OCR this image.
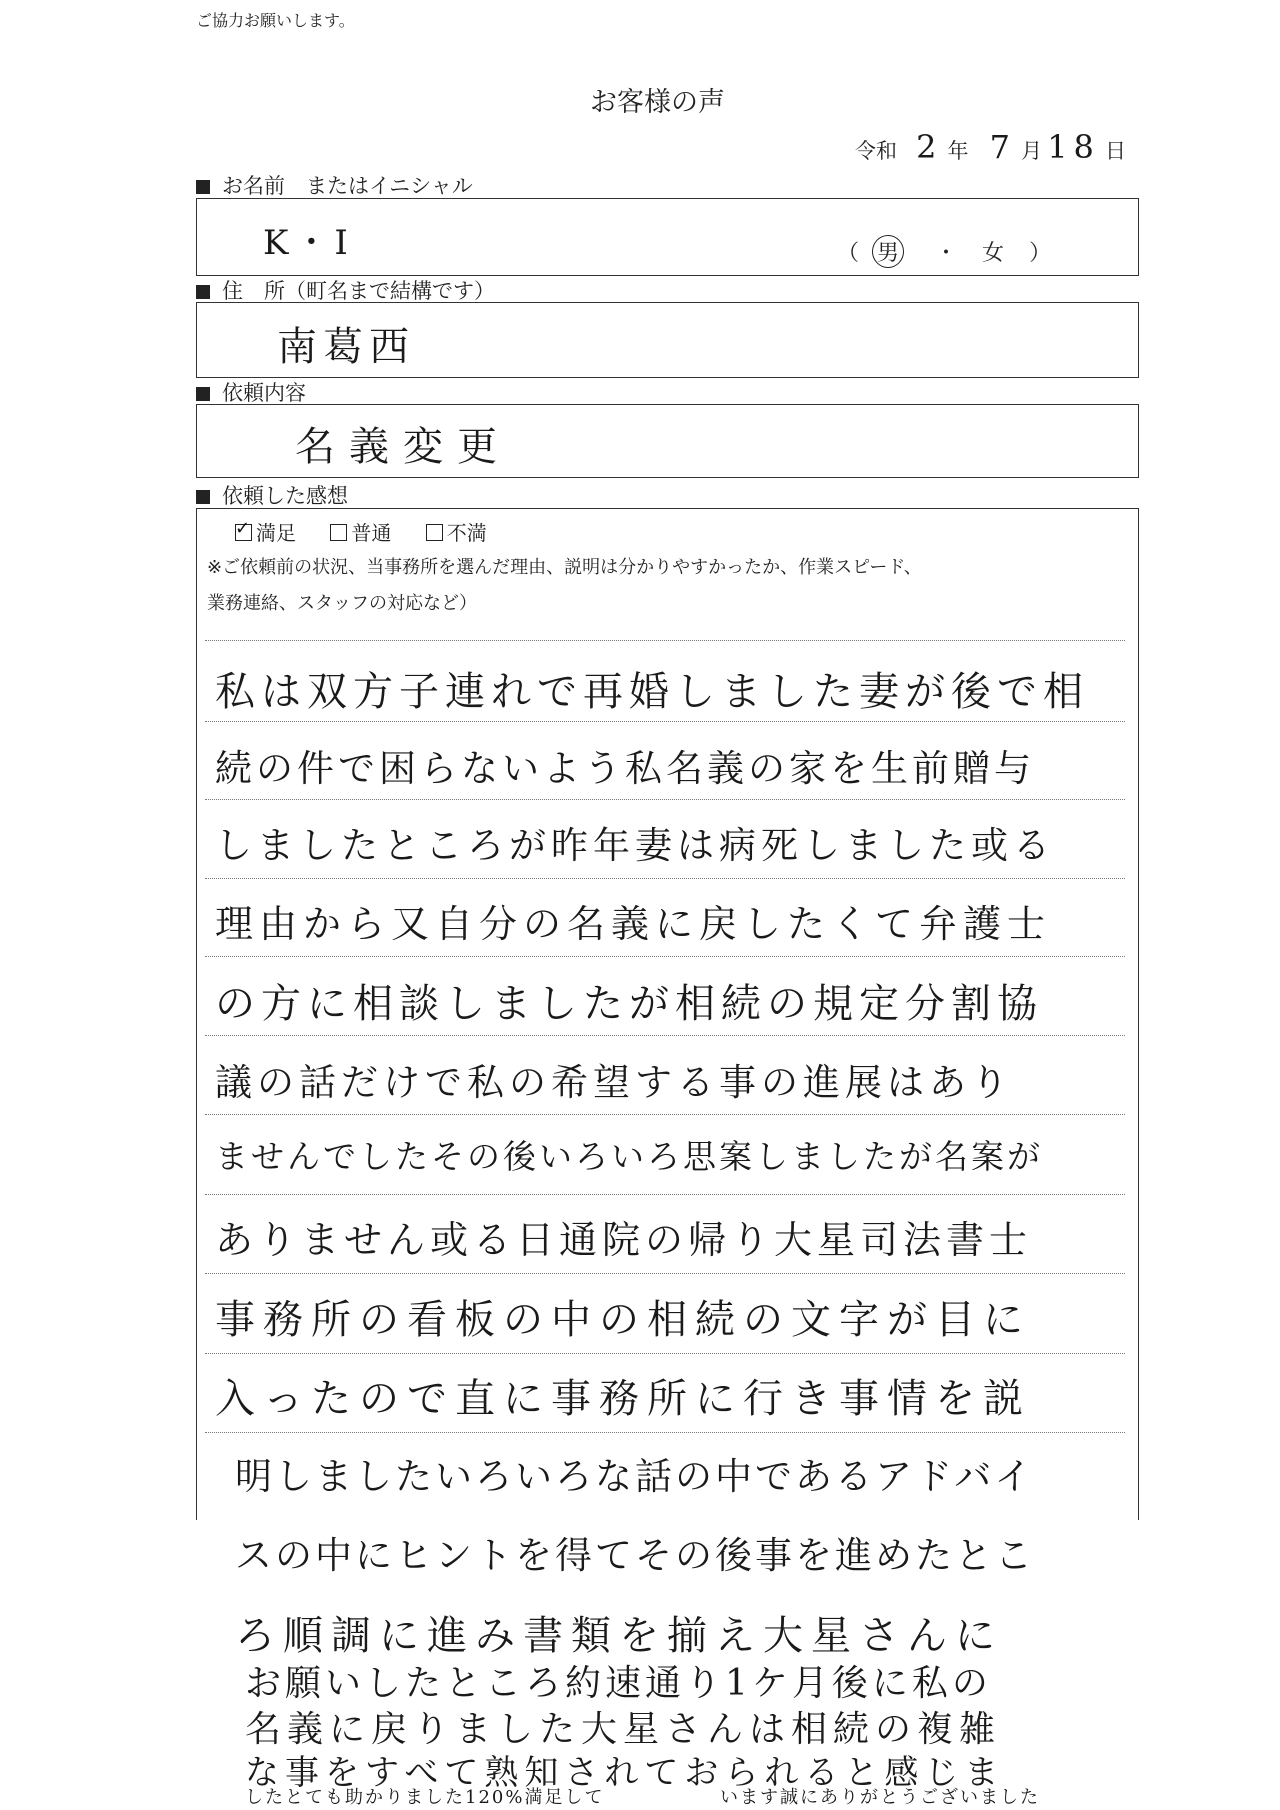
ご協力お願いします。
お客様の声
令和 2 年 7 月 18 日
お名前　またはイニシャル
K・I	（ 男 ・ 女 ）
住　所（町名まで結構です）
南葛西
依頼内容
名義変更
依頼した感想
✓満足	普通	不満
※ご依頼前の状況、当事務所を選んだ理由、説明は分かりやすかったか、作業スピード、
業務連絡、スタッフの対応など）
私は双方子連れで再婚しました妻が後で相
続の件で困らないよう私名義の家を生前贈与
しましたところが昨年妻は病死しました或る
理由から又自分の名義に戻したくて弁護士
の方に相談しましたが相続の規定分割協
議の話だけで私の希望する事の進展はあり
ませんでしたその後いろいろ思案しましたが名案が
ありません或る日通院の帰り大星司法書士
事務所の看板の中の相続の文字が目に
入ったので直に事務所に行き事情を説
明しましたいろいろな話の中であるアドバイ
スの中にヒントを得てその後事を進めたとこ
ろ順調に進み書類を揃え大星さんに
お願いしたところ約速通り1ケ月後に私の
名義に戻りました大星さんは相続の複雑
な事をすべて熟知されておられると感じま
したとても助かりました120%満足して	います誠にありがとうございました
